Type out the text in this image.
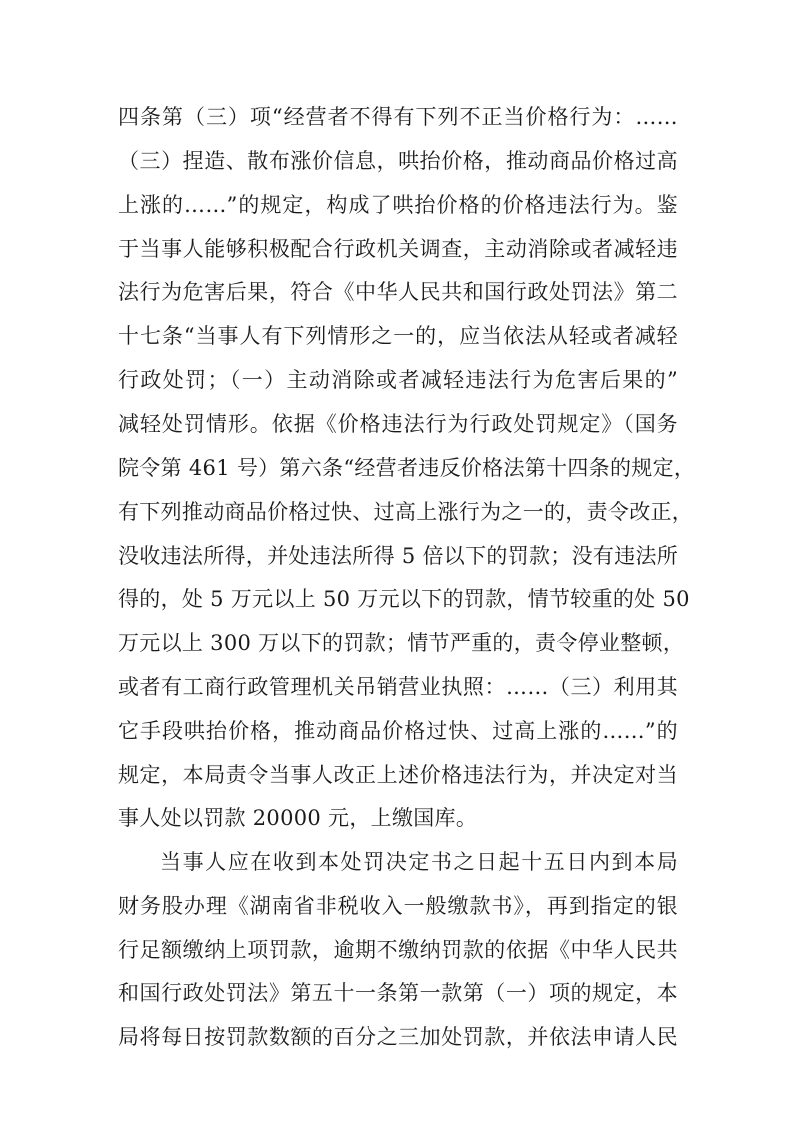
四条第（三）项“经营者不得有下列不正当价格行为：……
（三）捏造、散布涨价信息，哄抬价格，推动商品价格过高
上涨的……”的规定，构成了哄抬价格的价格违法行为。鉴
于当事人能够积极配合行政机关调查，主动消除或者减轻违
法行为危害后果，符合《中华人民共和国行政处罚法》第二
十七条“当事人有下列情形之一的，应当依法从轻或者减轻
行政处罚；（一）主动消除或者减轻违法行为危害后果的”
减轻处罚情形。依据《价格违法行为行政处罚规定》（国务
院令第 461 号）第六条“经营者违反价格法第十四条的规定，
有下列推动商品价格过快、过高上涨行为之一的，责令改正，
没收违法所得，并处违法所得 5 倍以下的罚款；没有违法所
得的，处 5 万元以上 50 万元以下的罚款，情节较重的处 50
万元以上 300 万以下的罚款；情节严重的，责令停业整顿，
或者有工商行政管理机关吊销营业执照：……（三）利用其
它手段哄抬价格，推动商品价格过快、过高上涨的……”的
规定，本局责令当事人改正上述价格违法行为，并决定对当
事人处以罚款 20000 元，上缴国库。
当事人应在收到本处罚决定书之日起十五日内到本局
财务股办理《湖南省非税收入一般缴款书》，再到指定的银
行足额缴纳上项罚款，逾期不缴纳罚款的依据《中华人民共
和国行政处罚法》第五十一条第一款第（一）项的规定，本
局将每日按罚款数额的百分之三加处罚款，并依法申请人民
